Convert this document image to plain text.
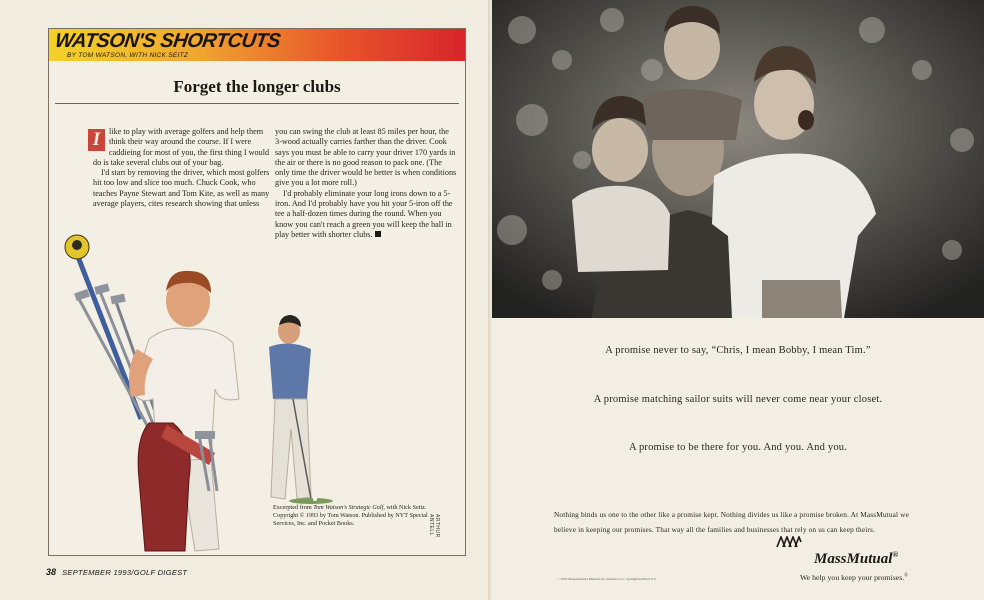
WATSON'S SHORTCUTS
BY TOM WATSON, WITH NICK SEITZ
Forget the longer clubs

I	like to play with average golfers and help them think their way around the course. If I were caddieing for most of you, the first thing I would do is take several clubs out of your bag.

I'd start by removing the driver, which most golfers hit too low and slice too much. Chuck Cook, who teaches Payne Stewart and Tom Kite, as well as many average players, cites research showing that unless

you can swing the club at least 85 miles per hour, the 3-wood actually carries farther than the driver. Cook says you must be able to carry your driver 170 yards in the air or there is no good reason to pack one. (The only time the driver would be better is when conditions give you a lot more roll.)

I'd probably eliminate your long irons down to a 5-iron. And I'd probably have you hit your 5-iron off the tee a half-dozen times during the round. When you know you can't reach a green you will keep the ball in play better with shorter clubs.

Excerpted from Tom Watson's Strategic Golf, with Nick Seitz. Copyright © 1993 by Tom Watson. Published by NYT Special Services, Inc. and Pocket Books.	ARTHUR ANTELL
38 SEPTEMBER 1993/GOLF DIGEST
A promise never to say, “Chris, I mean Bobby, I mean Tim.”
A promise matching sailor suits will never come near your closet.
A promise to be there for you. And you. And you.
Nothing binds us one to the other like a promise kept. Nothing divides us like a promise broken. At MassMutual we believe in keeping our promises. That way all the families and businesses that rely on us can keep theirs.
MassMutual®
We help you keep your promises.®
©1993 Massachusetts Mutual Life Insurance Co., Springfield MA 01111
